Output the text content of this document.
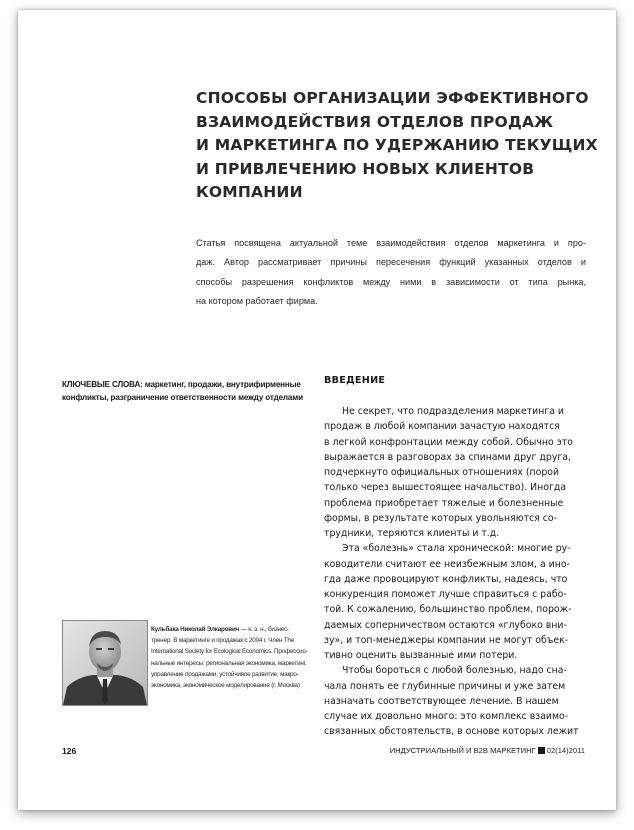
СПОСОБЫ ОРГАНИЗАЦИИ ЭФФЕКТИВНОГО
ВЗАИМОДЕЙСТВИЯ ОТДЕЛОВ ПРОДАЖ
И МАРКЕТИНГА ПО УДЕРЖАНИЮ ТЕКУЩИХ
И ПРИВЛЕЧЕНИЮ НОВЫХ КЛИЕНТОВ
КОМПАНИИ

Статья посвящена актуальной теме взаимодействия отделов маркетинга и про-
даж. Автор рассматривает причины пересечения функций указанных отделов и
способы разрешения конфликтов между ними в зависимости от типа рынка,
на котором работает фирма.

КЛЮЧЕВЫЕ СЛОВА: маркетинг, продажи, внутрифирменные
конфликты, разграничение ответственности между отделами

ВВЕДЕНИЕ
Не секрет, что подразделения маркетинга и
продаж в любой компании зачастую находятся
в легкой конфронтации между собой. Обычно это
выражается в разговорах за спинами друг друга,
подчеркнуто официальных отношениях (порой
только через вышестоящее начальство). Иногда
проблема приобретает тяжелые и болезненные
формы, в результате которых увольняются со-
трудники, теряются клиенты и т.д.
Эта «болезнь» стала хронической: многие ру-
ководители считают ее неизбежным злом, а ино-
гда даже провоцируют конфликты, надеясь, что
конкуренция поможет лучше справиться с рабо-
той. К сожалению, большинство проблем, порож-
даемых соперничеством остаются «глубоко вни-
зу», и топ-менеджеры компании не могут объек-
тивно оценить вызванные ими потери.
Чтобы бороться с любой болезнью, надо сна-
чала понять ее глубинные причины и уже затем
назначать соответствующее лечение. В нашем
случае их довольно много: это комплекс взаимо-
связанных обстоятельств, в основе которых лежит

Кульбака Николай Элкарович — к. э. н., бизнес-
тренер. В маркетинге и продажах с 2004 г. Член The
International Society for Ecological Economics. Профессио-
нальные интересы: региональная экономика, маркетинг,
управление продажами, устойчивое развитие, макро-
экономика, экономическое моделирование (г. Москва)

126	ИНДУСТРИАЛЬНЫЙ И B2B МАРКЕТИНГ 02(14)2011
